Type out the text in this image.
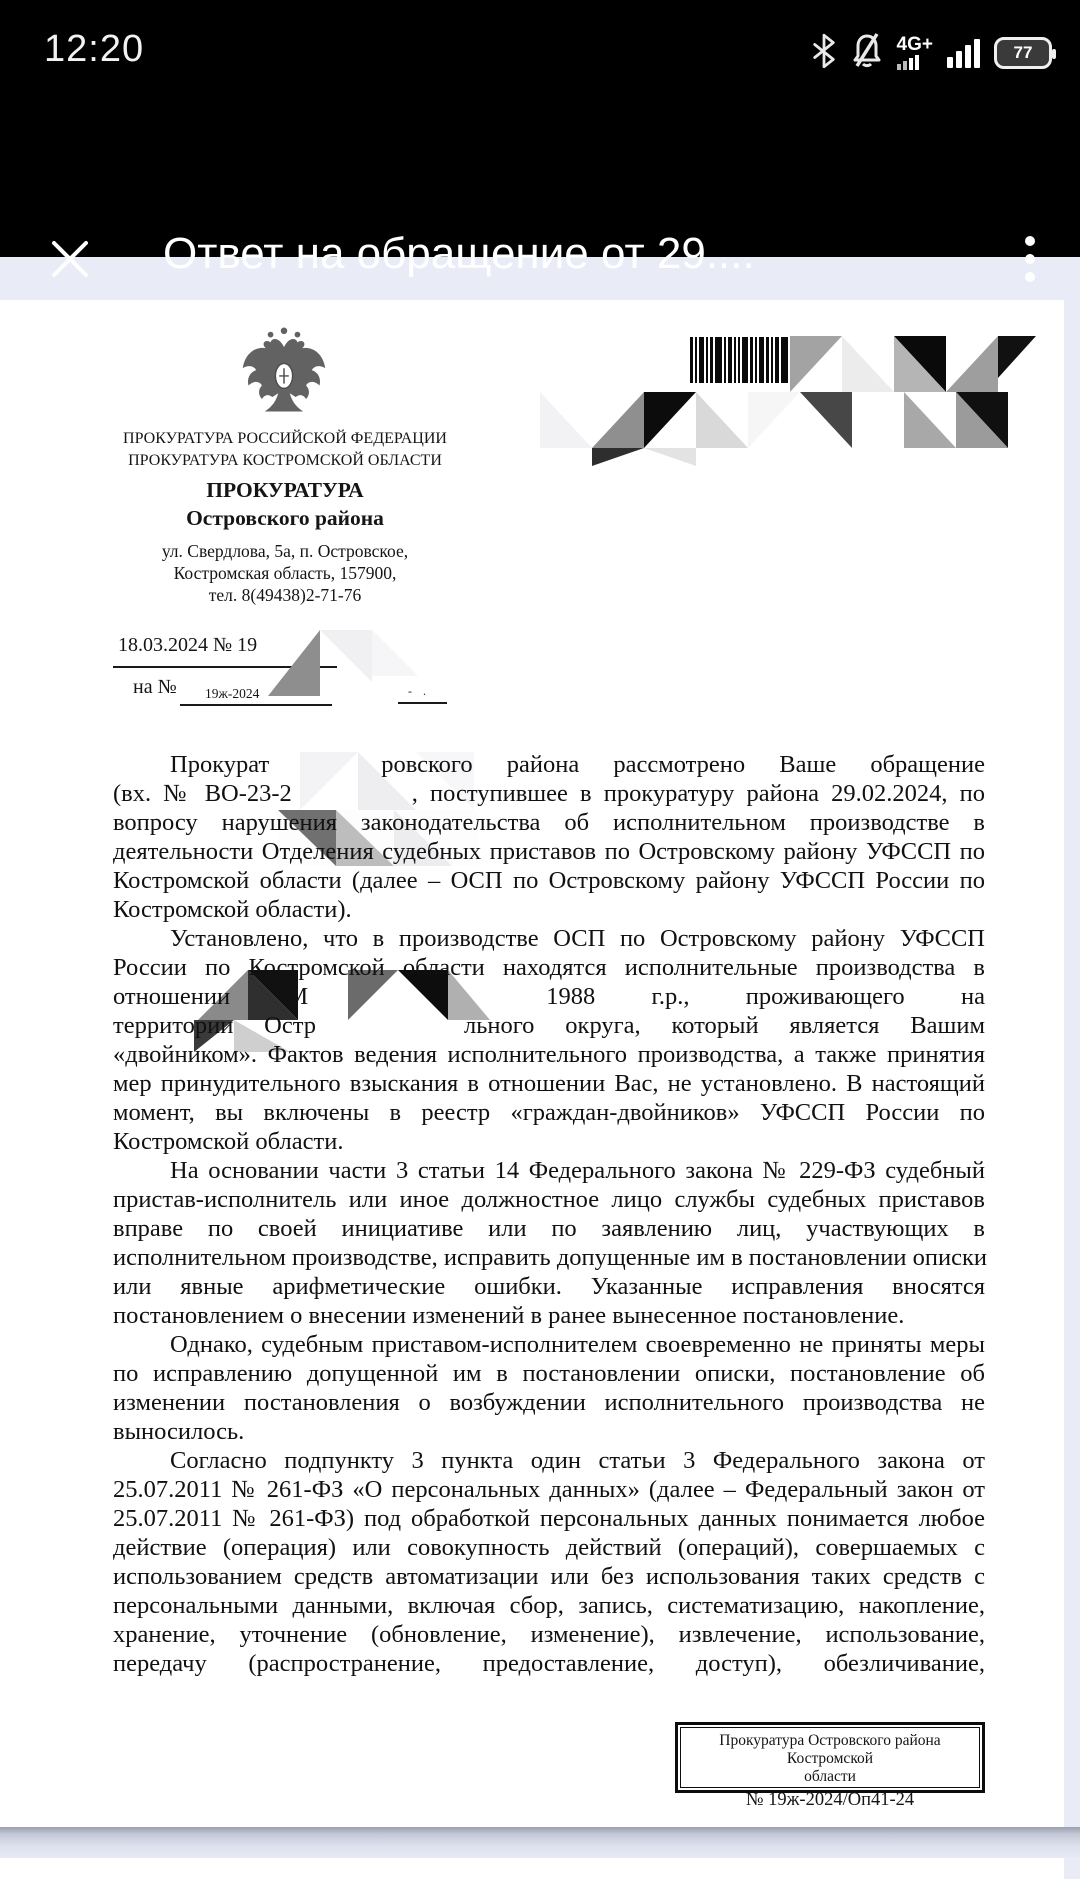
12:20	4G+	77
Ответ на обращение от 29....
ПРОКУРАТУРА РОССИЙСКОЙ ФЕДЕРАЦИИ
ПРОКУРАТУРА КОСТРОМСКОЙ ОБЛАСТИ
ПРОКУРАТУРА
Островского района
ул. Свердлова, 5а, п. Островское,
Костромская область, 157900,
тел. 8(49438)2-71-76
18.03.2024 № 19
на № 19ж-2024	- .
Прокурат	ровского района рассмотрено Ваше обращение
(вх. № ВО-23-2	, поступившее в прокуратуру района 29.02.2024, по
вопросу нарушения законодательства об исполнительном производстве в
деятельности Отделения судебных приставов по Островскому району УФССП по
Костромской области (далее – ОСП по Островскому району УФССП России по
Костромской области).
Установлено, что в производстве ОСП по Островскому району УФССП
России по Костромской области находятся исполнительные производства в
отношении М	1988 г.р., проживающего на
территории Остр	льного округа, который является Вашим
«двойником». Фактов ведения исполнительного производства, а также принятия
мер принудительного взыскания в отношении Вас, не установлено. В настоящий
момент, вы включены в реестр «граждан-двойников» УФССП России по
Костромской области.
На основании части 3 статьи 14 Федерального закона № 229-ФЗ судебный
пристав-исполнитель или иное должностное лицо службы судебных приставов
вправе по своей инициативе или по заявлению лиц, участвующих в
исполнительном производстве, исправить допущенные им в постановлении описки
или явные арифметические ошибки. Указанные исправления вносятся
постановлением о внесении изменений в ранее вынесенное постановление.
Однако, судебным приставом-исполнителем своевременно не приняты меры
по исправлению допущенной им в постановлении описки, постановление об
изменении постановления о возбуждении исполнительного производства не
выносилось.
Согласно подпункту 3 пункта один статьи 3 Федерального закона от
25.07.2011 № 261-ФЗ «О персональных данных» (далее – Федеральный закон от
25.07.2011 № 261-ФЗ) под обработкой персональных данных понимается любое
действие (операция) или совокупность действий (операций), совершаемых с
использованием средств автоматизации или без использования таких средств с
персональными данными, включая сбор, запись, систематизацию, накопление,
хранение, уточнение (обновление, изменение), извлечение, использование,
передачу (распространение, предоставление, доступ), обезличивание,
Прокуратура Островского района Костромской
области
№ 19ж-2024/Оп41-24
